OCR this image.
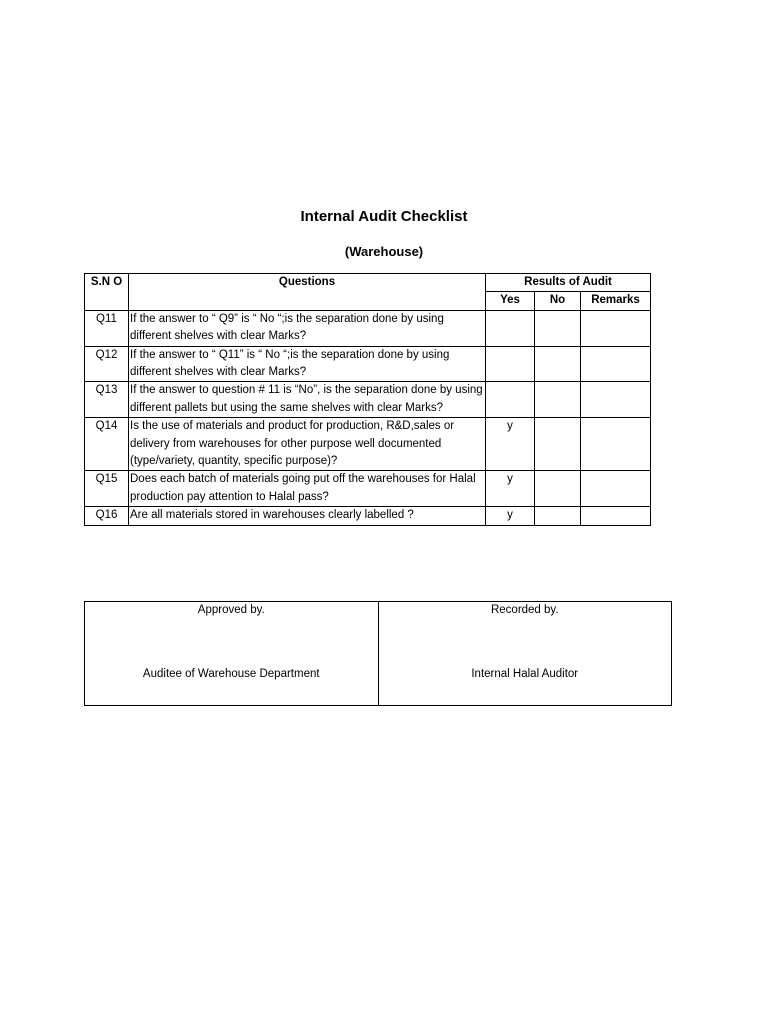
Internal Audit Checklist
(Warehouse)
S.N O	Questions	Results of Audit		
		Yes	No	Remarks
Q11	If the answer to “ Q9” is “ No “;is the separation done by using different shelves with clear Marks?			
Q12	If the answer to “ Q11” is “ No “;is the separation done by using different shelves with clear Marks?			
Q13	If the answer to question # 11 is “No”, is the separation done by using different pallets but using the same shelves with clear Marks?			
Q14	Is the use of materials and product for production, R&D,sales or delivery from warehouses for other purpose well documented (type/variety, quantity, specific purpose)?	y		
Q15	Does each batch of materials going put off the warehouses for Halal production pay attention to Halal pass?	y		
Q16	Are all materials stored in warehouses clearly labelled ?	y		
Approved by.
Auditee of Warehouse Department

Recorded by.
Internal Halal Auditor
